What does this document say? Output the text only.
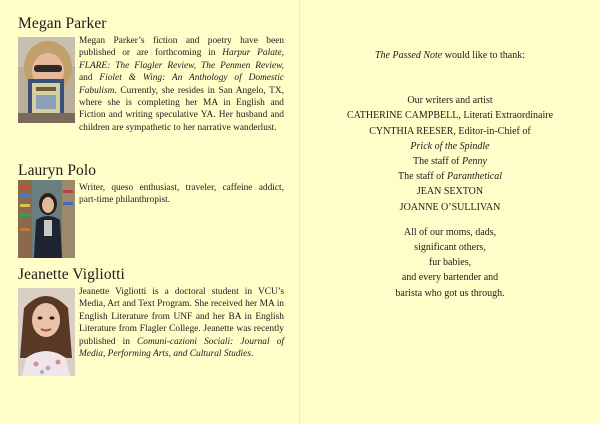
Megan Parker
Megan Parker’s fiction and poetry have been published or are forthcoming in Harpur Palate, FLARE: The Flagler Review, The Penmen Review, and Fiolet & Wing: An Anthology of Domestic Fabulism. Currently, she resides in San Angelo, TX, where she is completing her MA in English and Fiction and writing speculative YA. Her husband and children are sympathetic to her narrative wanderlust.
Lauryn Polo
Writer, queso enthusiast, traveler, caffeine addict, part-time philanthropist.
Jeanette Vigliotti
Jeanette Vigliotti is a doctoral student in VCU’s Media, Art and Text Program. She received her MA in English Literature from UNF and her BA in English Literature from Flagler College. Jeanette was recently published in Comuni-cazioni Sociali: Journal of Media, Performing Arts, and Cultural Studies.
The Passed Note would like to thank:
Our writers and artist
CATHERINE CAMPBELL, Literati Extraordinaire
CYNTHIA REESER, Editor-in-Chief of
Prick of the Spindle
The staff of Penny
The staff of Paranthetical
JEAN SEXTON
JOANNE O’SULLIVAN
All of our moms, dads,
significant others,
fur babies,
and every bartender and
barista who got us through.
